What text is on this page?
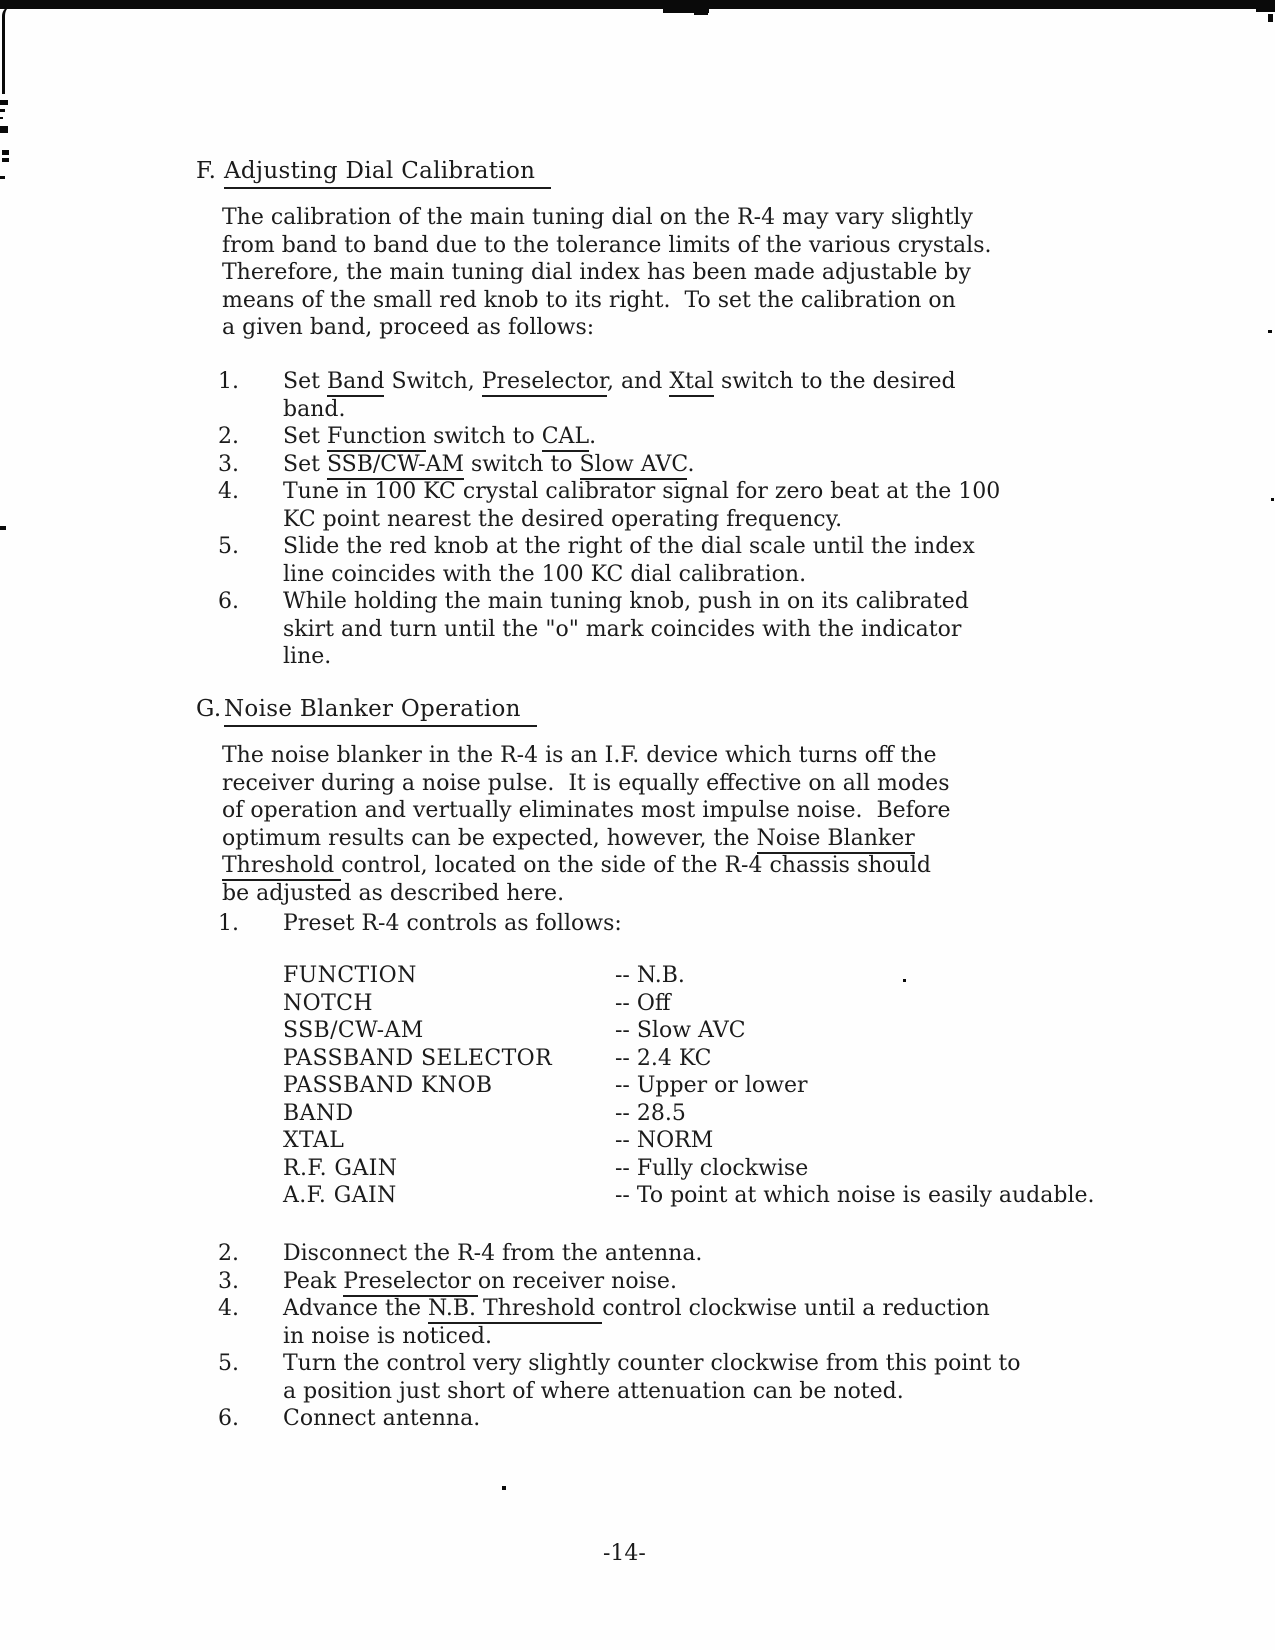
F. Adjusting Dial Calibration
The calibration of the main tuning dial on the R-4 may vary slightly
from band to band due to the tolerance limits of the various crystals.
Therefore, the main tuning dial index has been made adjustable by
means of the small red knob to its right.  To set the calibration on
a given band, proceed as follows:
1.	Set Band Switch, Preselector, and Xtal switch to the desired
band.
2.	Set Function switch to CAL.
3.	Set SSB/CW-AM switch to Slow AVC.
4.	Tune in 100 KC crystal calibrator signal for zero beat at the 100
KC point nearest the desired operating frequency.
5.	Slide the red knob at the right of the dial scale until the index
line coincides with the 100 KC dial calibration.
6.	While holding the main tuning knob, push in on its calibrated
skirt and turn until the "o" mark coincides with the indicator
line.
G. Noise Blanker Operation
The noise blanker in the R-4 is an I.F. device which turns off the
receiver during a noise pulse.  It is equally effective on all modes
of operation and vertually eliminates most impulse noise.  Before
optimum results can be expected, however, the Noise Blanker
Threshold control, located on the side of the R-4 chassis should
be adjusted as described here.
1.	Preset R-4 controls as follows:
FUNCTION	-- N.B.
NOTCH	-- Off
SSB/CW-AM	-- Slow AVC
PASSBAND SELECTOR	-- 2.4 KC
PASSBAND KNOB	-- Upper or lower
BAND	-- 28.5
XTAL	-- NORM
R.F. GAIN	-- Fully clockwise
A.F. GAIN	-- To point at which noise is easily audable.
2.	Disconnect the R-4 from the antenna.
3.	Peak Preselector on receiver noise.
4.	Advance the N.B. Threshold control clockwise until a reduction
in noise is noticed.
5.	Turn the control very slightly counter clockwise from this point to
a position just short of where attenuation can be noted.
6.	Connect antenna.
-14-
